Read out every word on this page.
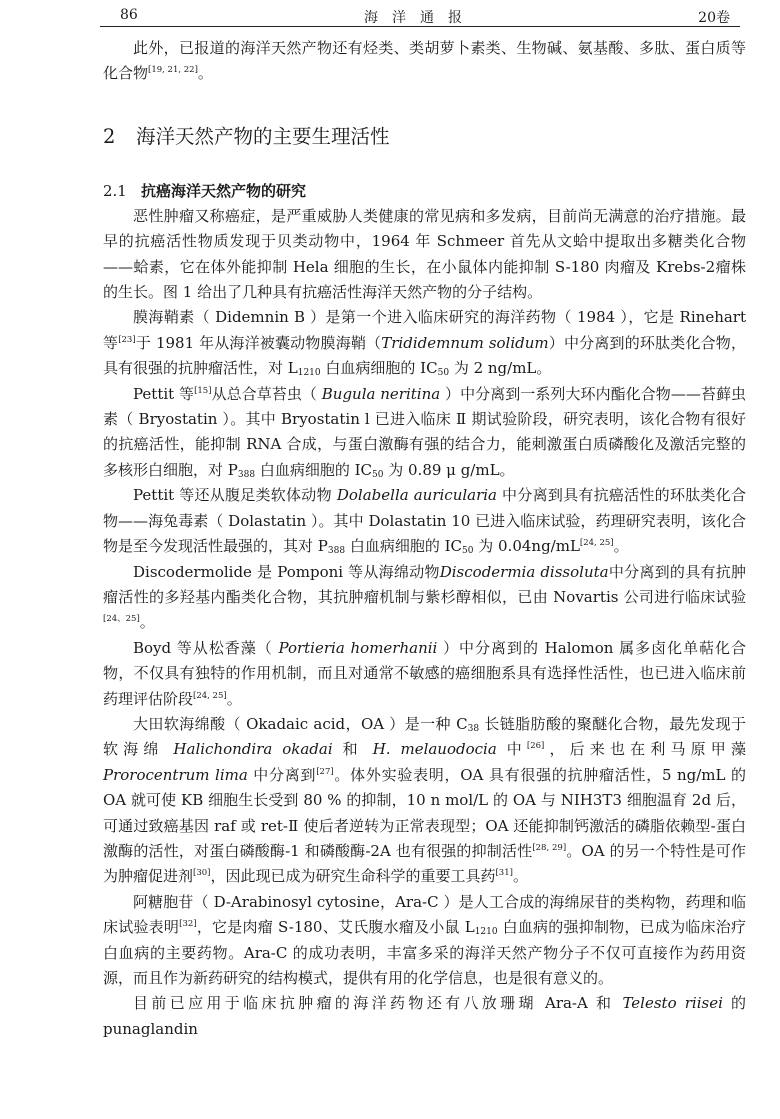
86	海洋通报	20卷

此外，已报道的海洋天然产物还有烃类、类胡萝卜素类、生物碱、氨基酸、多肽、蛋白质等化合物[19, 21, 22]。

2 海洋天然产物的主要生理活性
2.1 抗癌海洋天然产物的研究

恶性肿瘤又称癌症，是严重威胁人类健康的常见病和多发病，目前尚无满意的治疗措施。最早的抗癌活性物质发现于贝类动物中，1964 年 Schmeer 首先从文蛤中提取出多糖类化合物——蛤素，它在体外能抑制 Hela 细胞的生长，在小鼠体内能抑制 S-180 肉瘤及 Krebs-2瘤株的生长。图 1 给出了几种具有抗癌活性海洋天然产物的分子结构。

膜海鞘素（ Didemnin B ）是第一个进入临床研究的海洋药物（ 1984 ），它是 Rinehart 等[23]于 1981 年从海洋被囊动物膜海鞘（Trididemnum solidum）中分离到的环肽类化合物，具有很强的抗肿瘤活性，对 $L_{1210}$ 白血病细胞的 $IC_{50}$ 为 2 ng/mL。

Pettit 等[15]从总合草苔虫（ Bugula neritina ）中分离到一系列大环内酯化合物——苔藓虫素（ Bryostatin ）。其中 Bryostatin l 已进入临床 Ⅱ 期试验阶段，研究表明，该化合物有很好的抗癌活性，能抑制 RNA 合成，与蛋白激酶有强的结合力，能刺激蛋白质磷酸化及激活完整的多核形白细胞，对 $P_{388}$ 白血病细胞的 $IC_{50}$ 为 0.89 μ g/mL。

Pettit 等还从腹足类软体动物 Dolabella auricularia 中分离到具有抗癌活性的环肽类化合物——海兔毒素（ Dolastatin ）。其中 Dolastatin 10 已进入临床试验，药理研究表明，该化合物是至今发现活性最强的，其对 $P_{388}$ 白血病细胞的 $IC_{50}$ 为 0.04ng/mL[24, 25]。

Discodermolide 是 Pomponi 等从海绵动物Discodermia dissoluta中分离到的具有抗肿瘤活性的多羟基内酯类化合物，其抗肿瘤机制与紫杉醇相似，已由 Novartis 公司进行临床试验[24、25]。

Boyd 等从松香藻（ Portieria homerhanii ）中分离到的 Halomon 属多卤化单萜化合物，不仅具有独特的作用机制，而且对通常不敏感的癌细胞系具有选择性活性，也已进入临床前药理评估阶段[24, 25]。

大田软海绵酸（ Okadaic acid，OA ）是一种 $C_{38}$ 长链脂肪酸的聚醚化合物，最先发现于软海绵 Halichondira okadai 和 H. melauodocia 中[26]，后来也在利马原甲藻 Prorocentrum lima 中分离到[27]。体外实验表明，OA 具有很强的抗肿瘤活性，5 ng/mL 的 OA 就可使 KB 细胞生长受到 80 % 的抑制，10 n mol/L 的 OA 与 NIH3T3 细胞温育 2d 后，可通过致癌基因 raf 或 ret-Ⅱ 使后者逆转为正常表现型；OA 还能抑制钙激活的磷脂依赖型-蛋白激酶的活性，对蛋白磷酸酶-1 和磷酸酶-2A 也有很强的抑制活性[28, 29]。OA 的另一个特性是可作为肿瘤促进剂[30]，因此现已成为研究生命科学的重要工具药[31]。

阿糖胞苷（ D-Arabinosyl cytosine，Ara-C ）是人工合成的海绵尿苷的类构物，药理和临床试验表明[32]，它是肉瘤 S-180、艾氏腹水瘤及小鼠 $L_{1210}$ 白血病的强抑制物，已成为临床治疗白血病的主要药物。Ara-C 的成功表明，丰富多采的海洋天然产物分子不仅可直接作为药用资源，而且作为新药研究的结构模式，提供有用的化学信息，也是很有意义的。

目前已应用于临床抗肿瘤的海洋药物还有八放珊瑚 Ara-A 和 Telesto riisei 的 punaglandin
